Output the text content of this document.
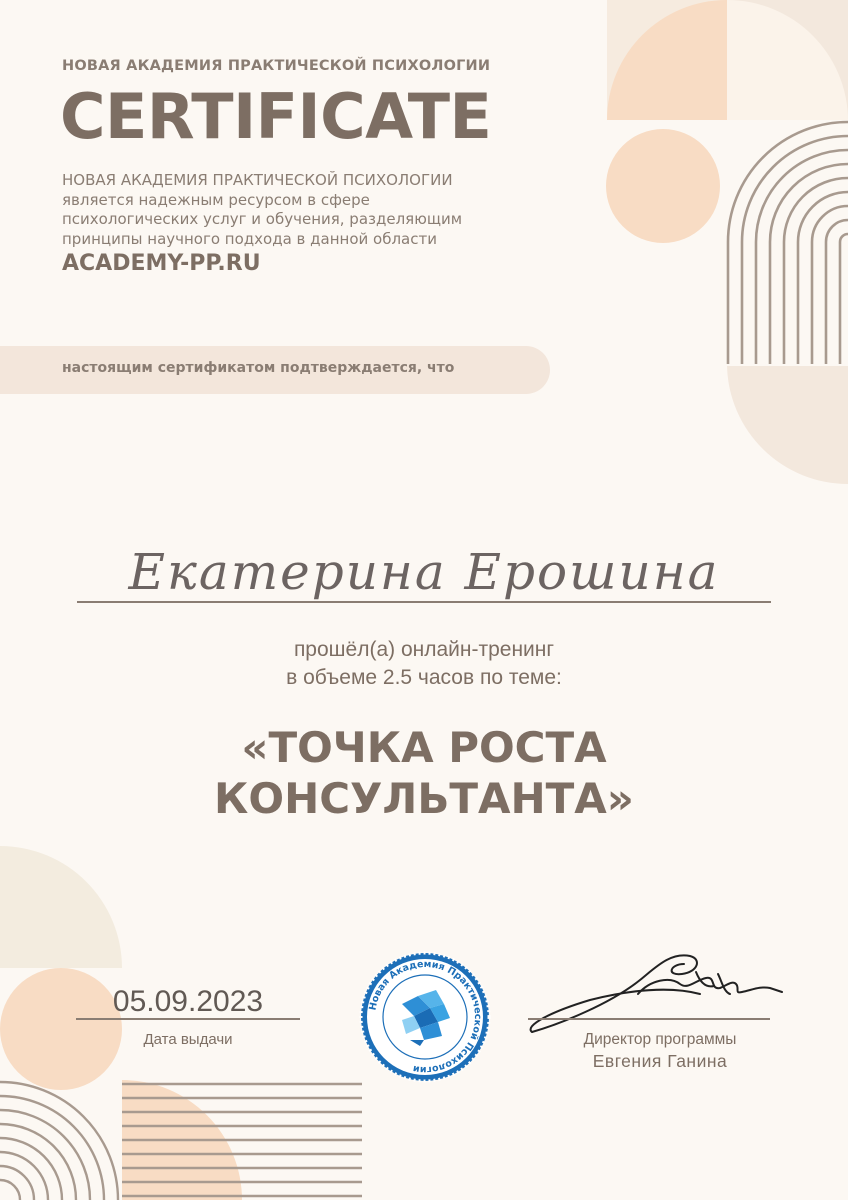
НОВАЯ АКАДЕМИЯ ПРАКТИЧЕСКОЙ ПСИХОЛОГИИ
CERTIFICATE
НОВАЯ АКАДЕМИЯ ПРАКТИЧЕСКОЙ ПСИХОЛОГИИ
является надежным ресурсом в сфере
психологических услуг и обучения, разделяющим
принципы научного подхода в данной области
ACADEMY-PP.RU
настоящим сертификатом подтверждается, что
Екатерина Ерошина
прошёл(а) онлайн-тренинг
в объеме 2.5 часов по теме:
«ТОЧКА РОСТА
КОНСУЛЬТАНТА»
05.09.2023
Дата выдачи
Новая Академия Практической Психологии
Директор программы
Евгения Ганина
